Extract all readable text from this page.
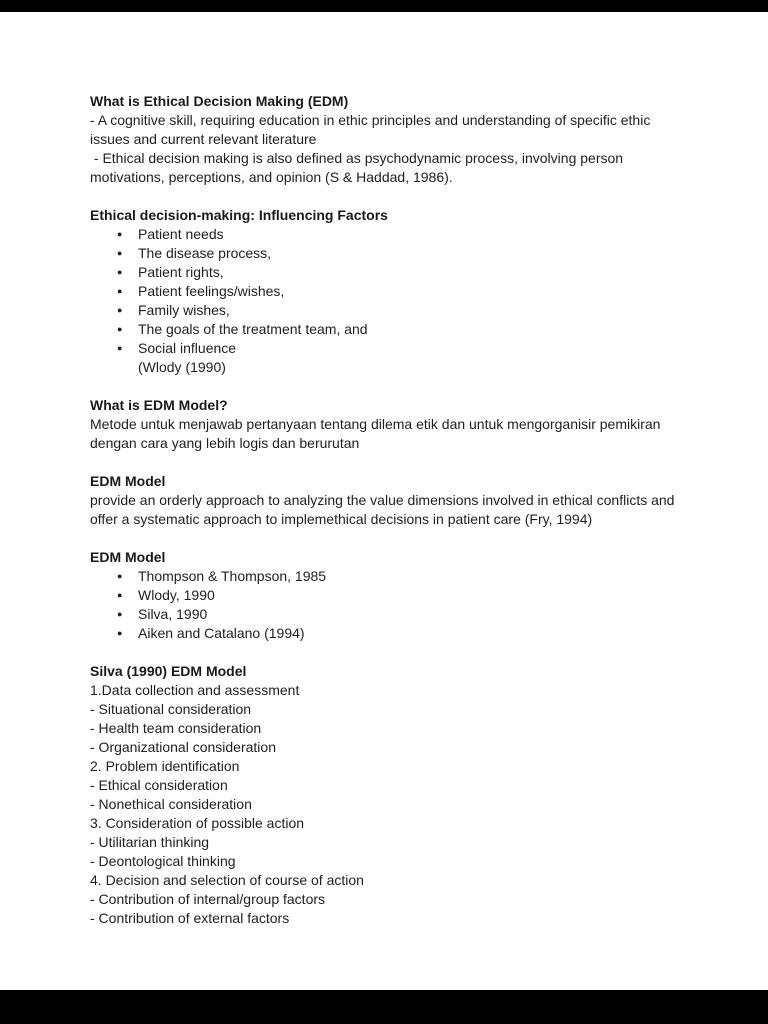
What is Ethical Decision Making (EDM)

- A cognitive skill, requiring education in ethic principles and understanding of specific ethic issues and current relevant literature

- Ethical decision making is also defined as psychodynamic process, involving person motivations, perceptions, and opinion (S & Haddad, 1986).

Ethical decision-making: Influencing Factors
●	Patient needs
●	The disease process,
●	Patient rights,
●	Patient feelings/wishes,
●	Family wishes,
●	The goals of the treatment team, and
●	Social influence
(Wlody (1990)
What is EDM Model?

Metode untuk menjawab pertanyaan tentang dilema etik dan untuk mengorganisir pemikiran dengan cara yang lebih logis dan berurutan

EDM Model

provide an orderly approach to analyzing the value dimensions involved in ethical conflicts and offer a systematic approach to implemethical decisions in patient care (Fry, 1994)

EDM Model
●	Thompson & Thompson, 1985
●	Wlody, 1990
●	Silva, 1990
●	Aiken and Catalano (1994)
Silva (1990) EDM Model
1.Data collection and assessment
- Situational consideration
- Health team consideration
- Organizational consideration
2. Problem identification
- Ethical consideration
- Nonethical consideration
3. Consideration of possible action
- Utilitarian thinking
- Deontological thinking
4. Decision and selection of course of action
- Contribution of internal/group factors
- Contribution of external factors
